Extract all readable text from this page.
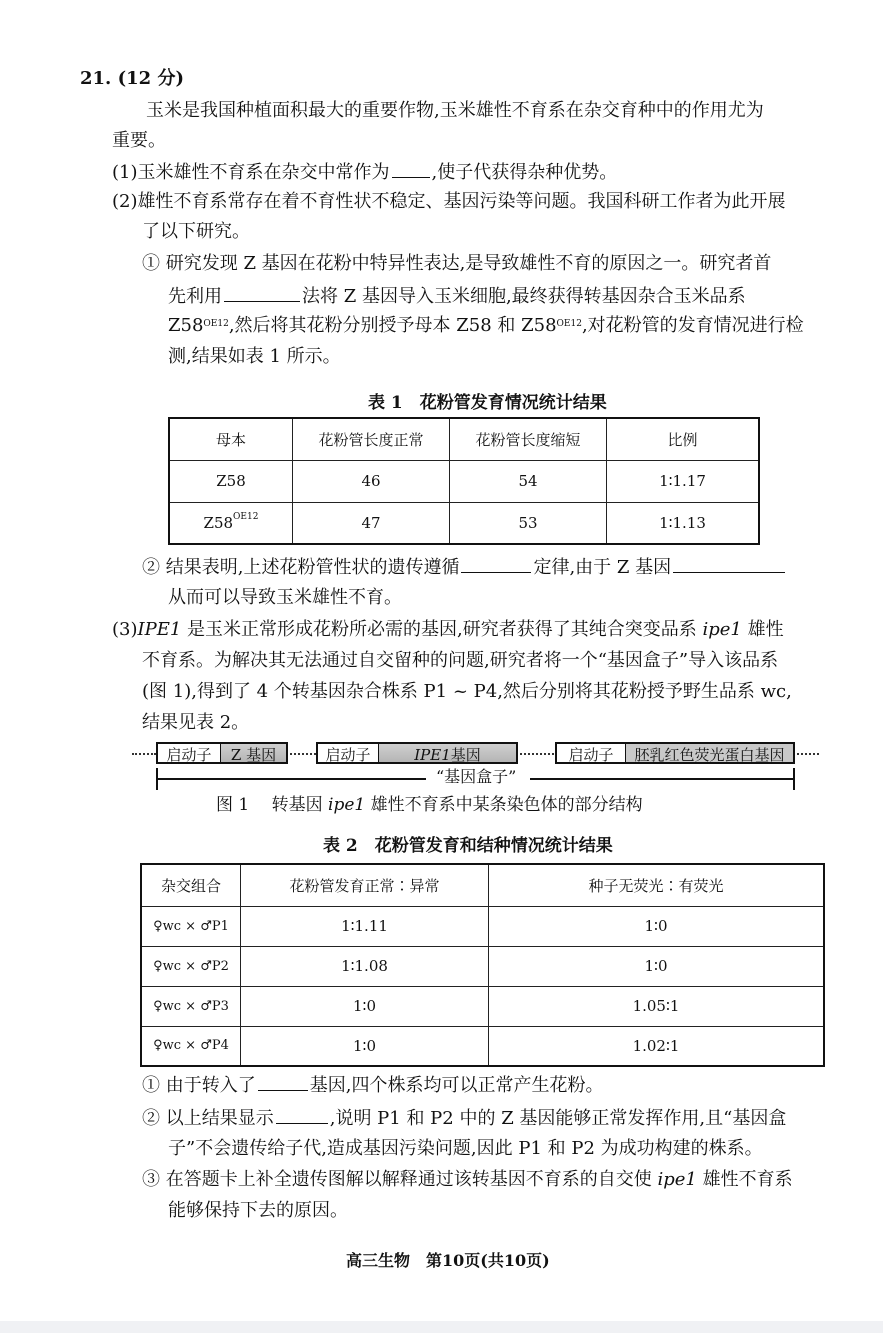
21. (12 分)
玉米是我国种植面积最大的重要作物,玉米雄性不育系在杂交育种中的作用尤为
重要。
(1)玉米雄性不育系在杂交中常作为 ,使子代获得杂种优势。
(2)雄性不育系常存在着不育性状不稳定、基因污染等问题。我国科研工作者为此开展
了以下研究。
① 研究发现 Z 基因在花粉中特异性表达,是导致雄性不育的原因之一。研究者首
先利用	法将 Z 基因导入玉米细胞,最终获得转基因杂合玉米品系
$Z58^{OE12}$,然后将其花粉分别授予母本 Z58 和 $Z58^{OE12}$,对花粉管的发育情况进行检
测,结果如表 1 所示。
表 1　花粉管发育情况统计结果
母本	花粉管长度正常	花粉管长度缩短	比例
Z58	46	54	1∶1.17
$Z58^{OE12}$	47	53	1∶1.13
② 结果表明,上述花粉管性状的遗传遵循	定律,由于 Z 基因
从而可以导致玉米雄性不育。
(3)IPE1 是玉米正常形成花粉所必需的基因,研究者获得了其纯合突变品系 ipe1 雄性
不育系。为解决其无法通过自交留种的问题,研究者将一个“基因盒子”导入该品系
(图 1),得到了 4 个转基因杂合株系 P1 ~ P4,然后分别将其花粉授予野生品系 wc,
结果见表 2。
启动子	Z 基因	启动子	IPE1基因	启动子	胚乳红色荧光蛋白基因
“基因盒子”
图 1　 转基因 ipe1 雄性不育系中某条染色体的部分结构
表 2　花粉管发育和结种情况统计结果
杂交组合	花粉管发育正常∶异常	种子无荧光∶有荧光
♀wc × ♂P1	1∶1.11	1∶0
♀wc × ♂P2	1∶1.08	1∶0
♀wc × ♂P3	1∶0	1.05∶1
♀wc × ♂P4	1∶0	1.02∶1
① 由于转入了	基因,四个株系均可以正常产生花粉。
② 以上结果显示	,说明 P1 和 P2 中的 Z 基因能够正常发挥作用,且“基因盒
子”不会遗传给子代,造成基因污染问题,因此 P1 和 P2 为成功构建的株系。
③ 在答题卡上补全遗传图解以解释通过该转基因不育系的自交使 ipe1 雄性不育系
能够保持下去的原因。
高三生物　第10页(共10页)
